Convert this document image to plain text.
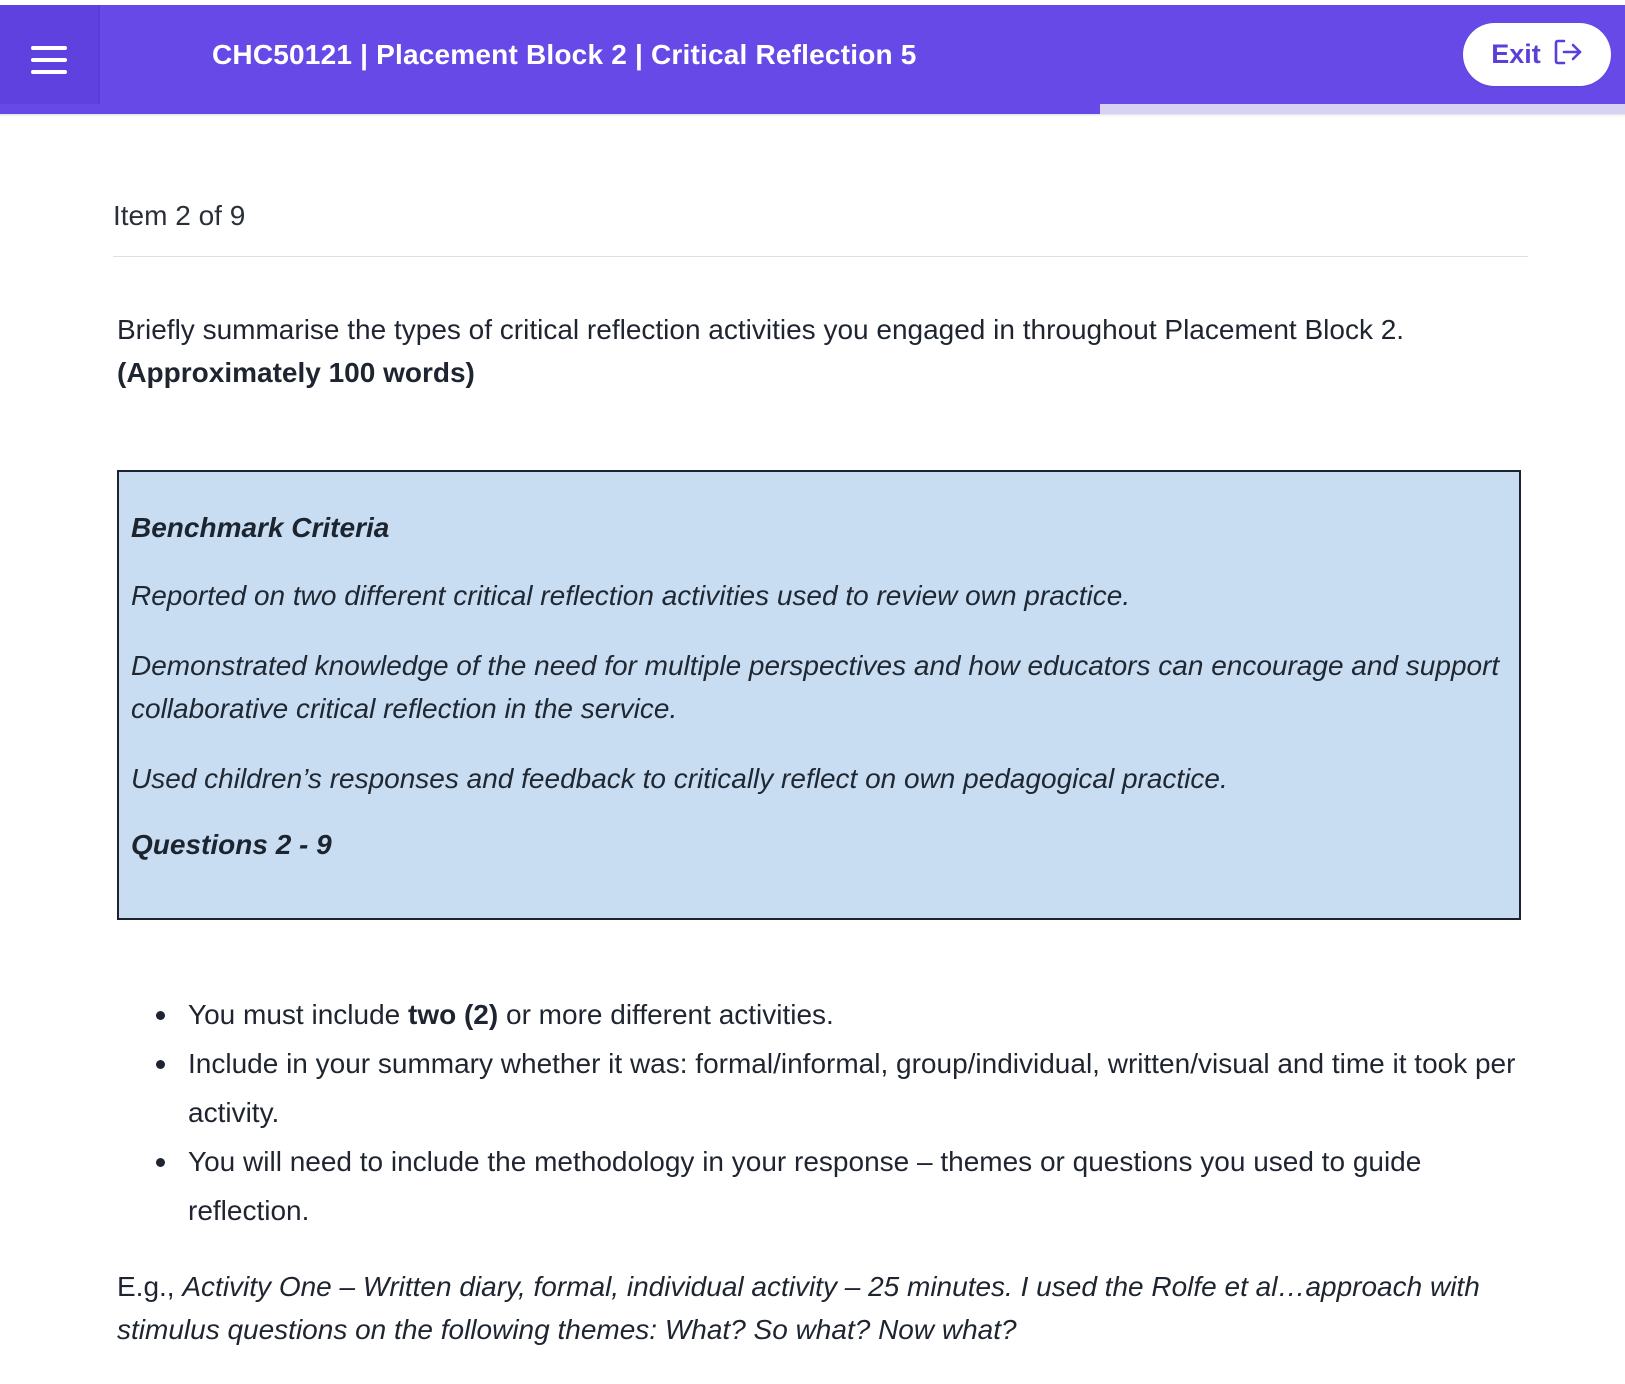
CHC50121 | Placement Block 2 | Critical Reflection 5	Exit
Item 2 of 9
Briefly summarise the types of critical reflection activities you engaged in throughout Placement Block 2.
(Approximately 100 words)

Benchmark Criteria

Reported on two different critical reflection activities used to review own practice.

Demonstrated knowledge of the need for multiple perspectives and how educators can encourage and support collaborative critical reflection in the service.

Used children’s responses and feedback to critically reflect on own pedagogical practice.

Questions 2 - 9

You must include two (2) or more different activities.
Include in your summary whether it was: formal/informal, group/individual, written/visual and time it took per activity.
You will need to include the methodology in your response – themes or questions you used to guide reflection.
E.g., Activity One – Written diary, formal, individual activity – 25 minutes. I used the Rolfe et al…approach with stimulus questions on the following themes: What? So what? Now what?
